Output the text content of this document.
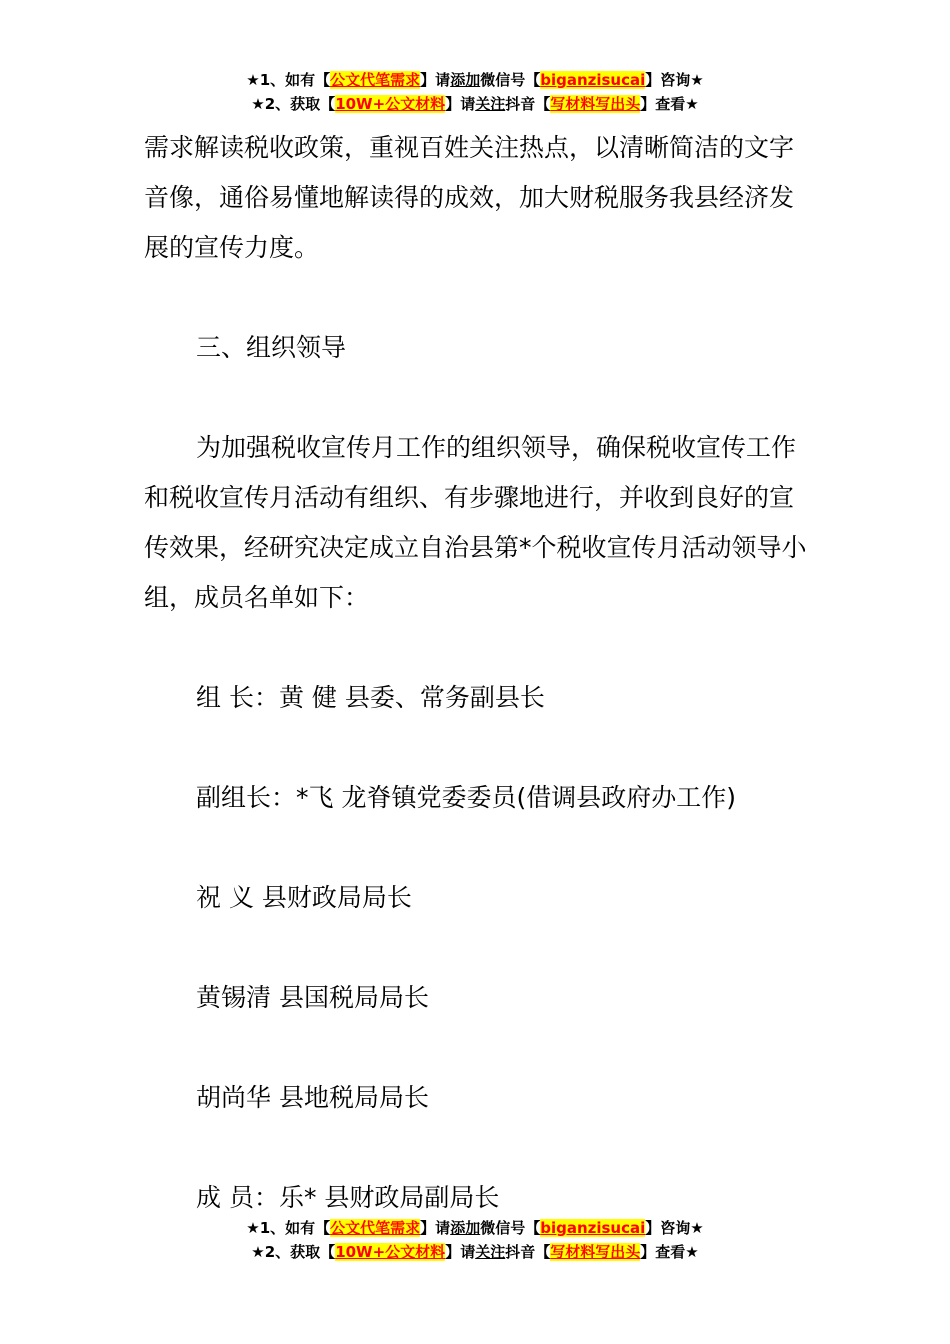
★1、如有【公文代笔需求】请添加微信号【biganzisucai】咨询★
★2、获取【10W+公文材料】请关注抖音【写材料写出头】查看★

需求解读税收政策，重视百姓关注热点，以清晰简洁的文字音像，通俗易懂地解读得的成效，加大财税服务我县经济发展的宣传力度。

三、组织领导

为加强税收宣传月工作的组织领导，确保税收宣传工作和税收宣传月活动有组织、有步骤地进行，并收到良好的宣传效果，经研究决定成立自治县第*个税收宣传月活动领导小组，成员名单如下：

组 长：黄 健 县委、常务副县长

副组长：*飞 龙脊镇党委委员(借调县政府办工作)

祝 义 县财政局局长

黄锡清 县国税局局长

胡尚华 县地税局局长

成 员：乐* 县财政局副局长

★1、如有【公文代笔需求】请添加微信号【biganzisucai】咨询★
★2、获取【10W+公文材料】请关注抖音【写材料写出头】查看★
